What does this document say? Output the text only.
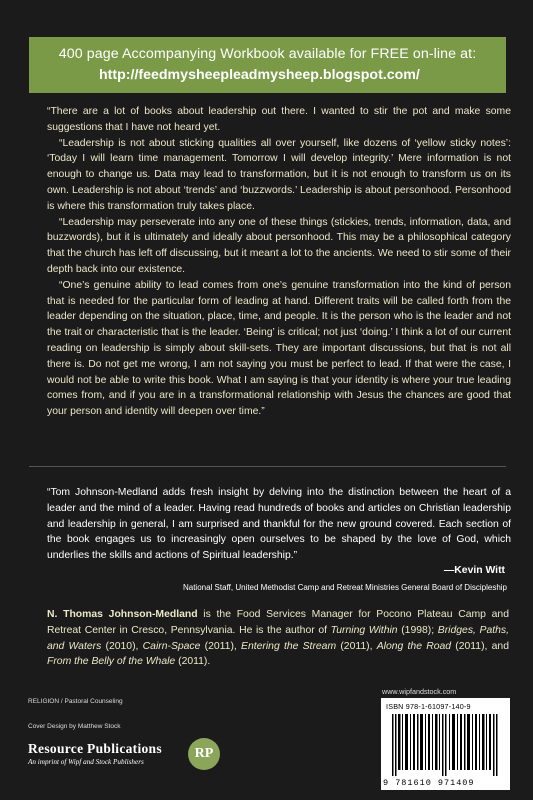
400 page Accompanying Workbook available for FREE on-line at:
http://feedmysheepleadmysheep.blogspot.com/

“There are a lot of books about leadership out there. I wanted to stir the pot and make some suggestions that I have not heard yet.

“Leadership is not about sticking qualities all over yourself, like dozens of ‘yellow sticky notes’: ‘Today I will learn time management. Tomorrow I will develop integrity.’ Mere information is not enough to change us. Data may lead to transformation, but it is not enough to transform us on its own. Leadership is not about ‘trends’ and ‘buzzwords.’ Leadership is about personhood. Personhood is where this transformation truly takes place.

“Leadership may perseverate into any one of these things (stickies, trends, information, data, and buzzwords), but it is ultimately and ideally about personhood. This may be a philosophical category that the church has left off discussing, but it meant a lot to the ancients. We need to stir some of their depth back into our existence.

“One’s genuine ability to lead comes from one’s genuine transformation into the kind of person that is needed for the particular form of leading at hand. Different traits will be called forth from the leader depending on the situation, place, time, and people. It is the person who is the leader and not the trait or characteristic that is the leader. ‘Being’ is critical; not just ‘doing.’ I think a lot of our current reading on leadership is simply about skill-sets. They are important discussions, but that is not all there is. Do not get me wrong, I am not saying you must be perfect to lead. If that were the case, I would not be able to write this book. What I am saying is that your identity is where your true leading comes from, and if you are in a transformational relationship with Jesus the chances are good that your person and identity will deepen over time.”

“Tom Johnson-Medland adds fresh insight by delving into the distinction between the heart of a leader and the mind of a leader. Having read hundreds of books and articles on Christian leadership and leadership in general, I am surprised and thankful for the new ground covered. Each section of the book engages us to increasingly open ourselves to be shaped by the love of God, which underlies the skills and actions of Spiritual leadership.”

—Kevin Witt
National Staff, United Methodist Camp and Retreat Ministries General Board of Discipleship

N. Thomas Johnson-Medland is the Food Services Manager for Pocono Plateau Camp and Retreat Center in Cresco, Pennsylvania. He is the author of Turning Within (1998); Bridges, Paths, and Waters (2010), Cairn-Space (2011), Entering the Stream (2011), Along the Road (2011), and From the Belly of the Whale (2011).

www.wipfandstock.com
RELIGION / Pastoral Counseling
Cover Design by Matthew Stock
Resource Publications
An imprint of Wipf and Stock Publishers
RP
ISBN 978-1-61097-140-9
9 781610 971409
